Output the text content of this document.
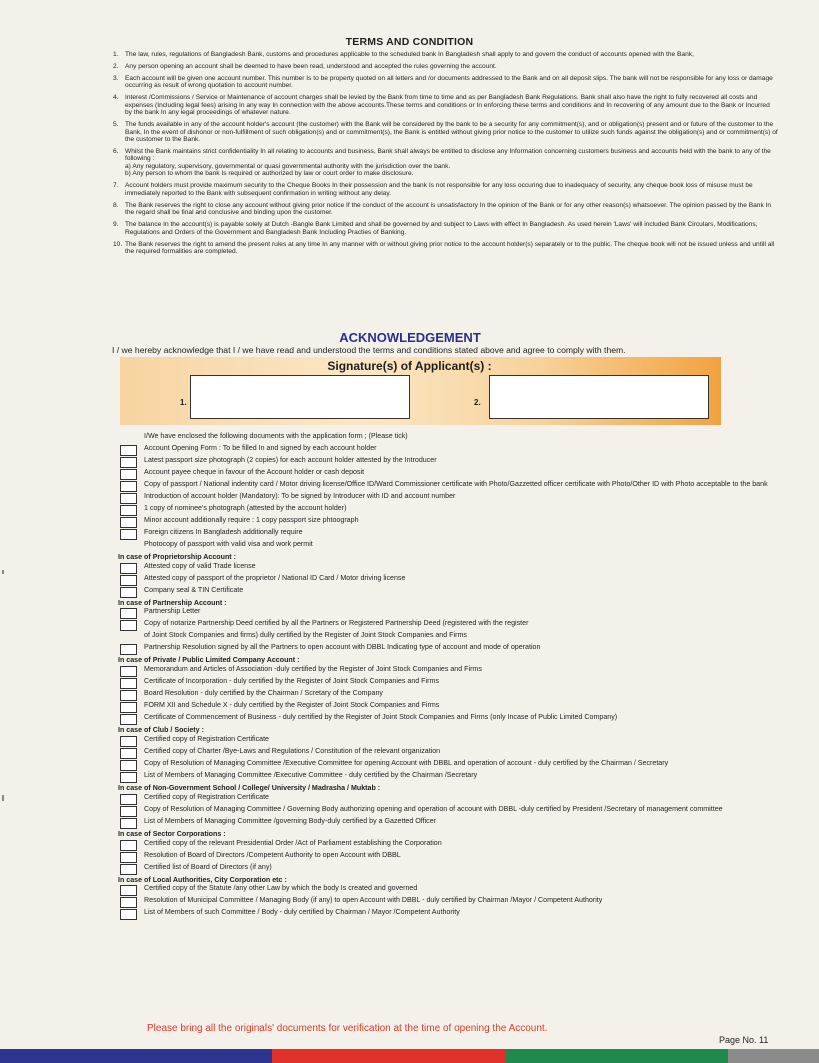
TERMS AND CONDITION
1. The law, rules, regulations of Bangladesh Bank, customs and procedures applicable to the scheduled bank In Bangladesh shall apply to and govern the conduct of accounts opened with the Bank,
2. Any person opening an account shall be deemed to have been read, understood and accepted the rules governing the account.
3. Each account will be given one account number. This number Is to be property quoted on all letters and /or documents addressed to the Bank and on all deposit slips. The bank will not be responsible for any loss or damage occurring as result of wrong quotation to account number.
4. Interest /Commissions / Service or Maintenance of account charges shall be levied by the Bank from time to time and as per Bangladesh Bank Regulations. Bank shall also have the right to fully recovered all costs and expenses (Including legal fees) arising In any way In connection with the above accounts.These terms and conditions or In enforcing these terms and conditions and In recovering of any amount due to the Bank or Incurred by the bank In any legal proceedings of whatever nature.
5. The funds available in any of the account holder's account (the customer) with the Bank will be considered by the bank to be a security for any commitment(s), and or obligation(s) present and or future of the customer to the Bank, In the event of dishonor or non-fulfillment of such obligation(s) and or commitment(s), the Bank is entitled without giving prior notice to the customer to utilize such funds against the obligation(s) and or commitment(s) of the customer to the Bank.
6. Whilst the Bank maintains strict confidentiality In all relating to accounts and business, Bank shall always be entitled to disclose any Information concerning customers business and accounts held with the bank to any of the following :
a) Any regulatory, supervisory, governmental or quasi governmental authority with the jurisdiction over the bank.
b) Any person to whom the bank Is required or authorized by law or court order to make disclosure.
7. Account holders must provide maximum security to the Cheque Books In their possession and the bank Is not responsible for any loss occuring due to inadequacy of security, any cheque book loss of misuse must be immediately reported to the Bank with subsequent confirmation in writing without any delay.
8. The Bank reserves the right to close any account without giving prior notice If the conduct of the account is unsatisfactory In the opinion of the Bank or for any other reason(s) whatsoever. The opinion passed by the Bank In the regard shall be final and conclusive and binding upon the customer.
9. The balance In the account(s) is payable solely at Dutch -Bangle Bank Limited and shall be governed by and subject to Laws with effect In Bangladesh. As used herein 'Laws' will included Bank Circulars, Modifications, Regulations and Orders of the Government and Bangladesh Bank Including Practies of Banking.
10. The Bank reserves the right to amend the present rules at any time In any manner with or without giving prior notice to the account holder(s) separately or to the public. The cheque book will not be issued unless and untill all the required formalities are completed.
ACKNOWLEDGEMENT
I / we hereby acknowledge that I / we have read and understood the terms and conditions stated above and agree to comply with them.
Signature(s) of Applicant(s) :
1.	2.
I/We have enclosed the following documents with the application form ; (Please tick)
Account Opening Form : To be filled In and signed by each account holder
Latest passport size photograph (2 copies) for each account holder attested by the Introducer
Account payee cheque in favour of the Account holder or cash deposit
Copy of passport / National indentity card / Motor driving license/Office ID/Ward Commissioner certificate with Photo/Gazzetted officer certificate with Photo/Other ID with Photo acceptable to the bank
Introduction of account holder (Mandatory): To be signed by Introducer with ID and account number
1 copy of nominee's photograph (attested by the account holder)
Minor account additionally require : 1 copy passport size phtoograph
Foreign citizens In Bangladesh additionally require
Photocopy of passport with valid visa and work permit
In case of Proprietorship Account :
Attested copy of valid Trade license
Attested copy of passport of the proprietor / National ID Card / Motor driving license
Company seal & TIN Certificate
In case of Partnership Account :
Partnership Letter
Copy of notarize Partnership Deed certified by all the Partners or Registered Partnership Deed (registered with the register
of Joint Stock Companies and firms) dully certified by the Register of Joint Stock Companies and Firms
Partnership Resolution signed by all the Partners to open account with DBBL Indicating type of account and mode of operation
In case of Private / Public Limited Company Account :
Memorandum and Articles of Association -duly certified by the Register of Joint Stock Companies and Firms
Certificate of Incorporation - duly certified by the Register of Joint Stock Companies and Firms
Board Resolution - duly certified by the Chairman / Scretary of the Company
FORM XII and Schedule X - duly certified by the Register of Joint Stock Companies and Firms
Certificate of Commencement of Business - duly certified by the Register of Joint Stock Companies and Firms (only Incase of Public Limited Company)
In case of Club / Society :
Certified copy of Registration Certificate
Certified copy of Charter /Bye-Laws and Regulations / Constitution of the relevant organization
Copy of Resolution of Managing Committee /Executive Committee for opening Account with DBBL and operation of account - duly certified by the Chairman / Secretary
List of Members of Managing Committee /Executive Committee - duly certified by the Chairman /Secretary
In case of Non-Government School / College/ University / Madrasha / Muktab :
Certified copy of Registration Certificate
Copy of Resolution of Managing Committee / Governing Body authorizing opening and operation of account with DBBL -duly certified by President /Secretary of management committee
List of Members of Managing Committee /governing Body-duly certified by a Gazetted Officer
In case of Sector Corporations :
Certified copy of the relevant Presidential Order /Act of Parliament establishing the Corporation
Resolution of Board of Directors /Competent Authority to open Account with DBBL
Certified list of Board of Directors (if any)
In case of Local Authorities, City Corporation etc :
Certified copy of the Statute /any other Law by which the body Is created and governed
Resolution of Municipal Committee / Managing Body (if any) to open Account with DBBL - duly certified by Chairman /Mayor / Competent Authority
List of Members of such Committee / Body - duly certified by Chairman / Mayor /Competent Authority
Please bring all the originals' documents for verification at the time of opening the Account.
Page No. 11
